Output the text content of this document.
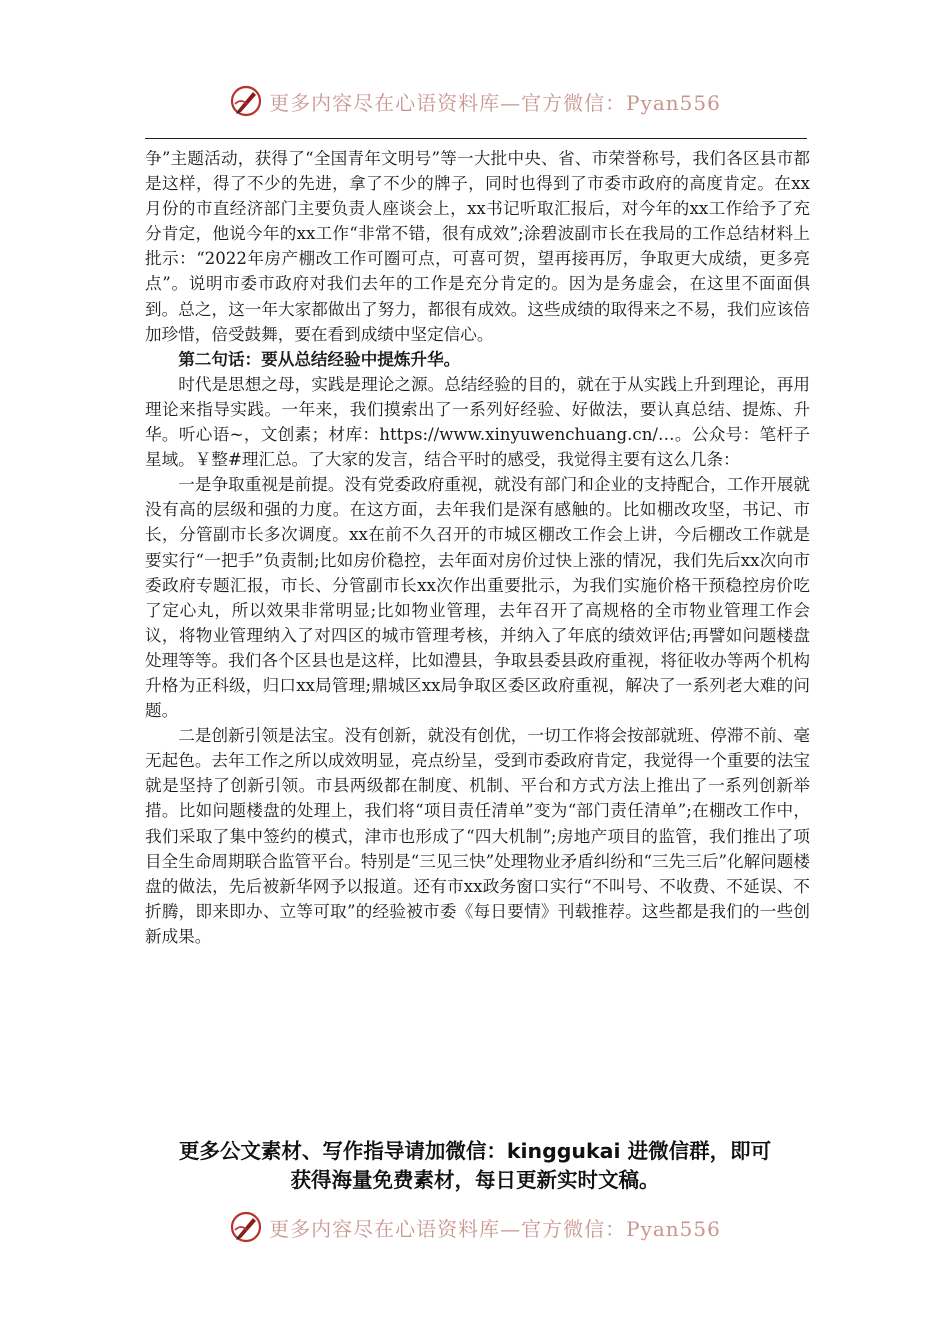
更多内容尽在心语资料库—官方微信：Pyan556

争”主题活动，获得了“全国青年文明号”等一大批中央、省、市荣誉称号，我们各区县市都是这样，得了不少的先进，拿了不少的牌子，同时也得到了市委市政府的高度肯定。在xx月份的市直经济部门主要负责人座谈会上，xx书记听取汇报后，对今年的xx工作给予了充分肯定，他说今年的xx工作“非常不错，很有成效”;涂碧波副市长在我局的工作总结材料上批示：“2022年房产棚改工作可圈可点，可喜可贺，望再接再厉，争取更大成绩，更多亮点”。说明市委市政府对我们去年的工作是充分肯定的。因为是务虚会，在这里不面面俱到。总之，这一年大家都做出了努力，都很有成效。这些成绩的取得来之不易，我们应该倍加珍惜，倍受鼓舞，要在看到成绩中坚定信心。

第二句话：要从总结经验中提炼升华。

时代是思想之母，实践是理论之源。总结经验的目的，就在于从实践上升到理论，再用理论来指导实践。一年来，我们摸索出了一系列好经验、好做法，要认真总结、提炼、升华。听心语~，文创素；材库：https://www.xinyuwenchuang.cn/…。公众号：笔杆子星域。￥整#理汇总。了大家的发言，结合平时的感受，我觉得主要有这么几条：

一是争取重视是前提。没有党委政府重视，就没有部门和企业的支持配合，工作开展就没有高的层级和强的力度。在这方面，去年我们是深有感触的。比如棚改攻坚，书记、市长，分管副市长多次调度。xx在前不久召开的市城区棚改工作会上讲，今后棚改工作就是要实行“一把手”负责制;比如房价稳控，去年面对房价过快上涨的情况，我们先后xx次向市委政府专题汇报，市长、分管副市长xx次作出重要批示，为我们实施价格干预稳控房价吃了定心丸，所以效果非常明显;比如物业管理，去年召开了高规格的全市物业管理工作会议，将物业管理纳入了对四区的城市管理考核，并纳入了年底的绩效评估;再譬如问题楼盘处理等等。我们各个区县也是这样，比如澧县，争取县委县政府重视，将征收办等两个机构升格为正科级，归口xx局管理;鼎城区xx局争取区委区政府重视，解决了一系列老大难的问题。

二是创新引领是法宝。没有创新，就没有创优，一切工作将会按部就班、停滞不前、毫无起色。去年工作之所以成效明显，亮点纷呈，受到市委政府肯定，我觉得一个重要的法宝就是坚持了创新引领。市县两级都在制度、机制、平台和方式方法上推出了一系列创新举措。比如问题楼盘的处理上，我们将“项目责任清单”变为“部门责任清单”;在棚改工作中，我们采取了集中签约的模式，津市也形成了“四大机制”;房地产项目的监管，我们推出了项目全生命周期联合监管平台。特别是“三见三快”处理物业矛盾纠纷和“三先三后”化解问题楼盘的做法，先后被新华网予以报道。还有市xx政务窗口实行“不叫号、不收费、不延误、不折腾，即来即办、立等可取”的经验被市委《每日要情》刊载推荐。这些都是我们的一些创新成果。

更多公文素材、写作指导请加微信：kinggukai 进微信群，即可
获得海量免费素材，每日更新实时文稿。
更多内容尽在心语资料库—官方微信：Pyan556
